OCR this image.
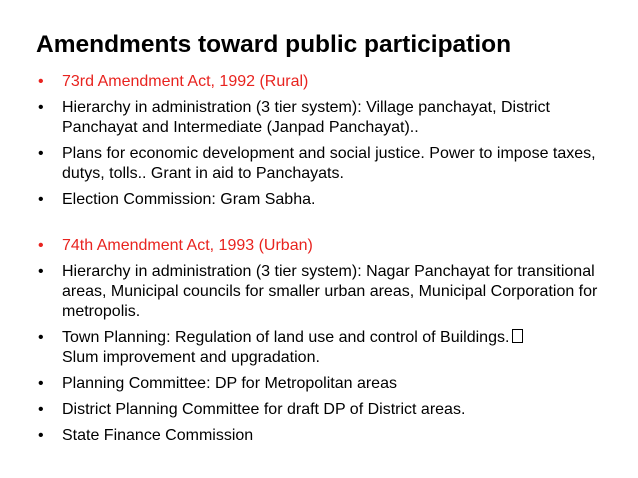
Amendments toward public participation
• 73rd Amendment Act, 1992 (Rural)
• Hierarchy in administration (3 tier system): Village panchayat, District Panchayat and Intermediate (Janpad Panchayat)..
• Plans for economic development and social justice. Power to impose taxes, dutys, tolls.. Grant in aid to Panchayats.
• Election Commission: Gram Sabha.
• 74th Amendment Act, 1993 (Urban)
• Hierarchy in administration (3 tier system): Nagar Panchayat for transitional areas, Municipal councils for smaller urban areas, Municipal Corporation for metropolis.
• Town Planning: Regulation of land use and control of Buildings.
Slum improvement and upgradation.
• Planning Committee: DP for Metropolitan areas
• District Planning Committee for draft DP of District areas.
• State Finance Commission
